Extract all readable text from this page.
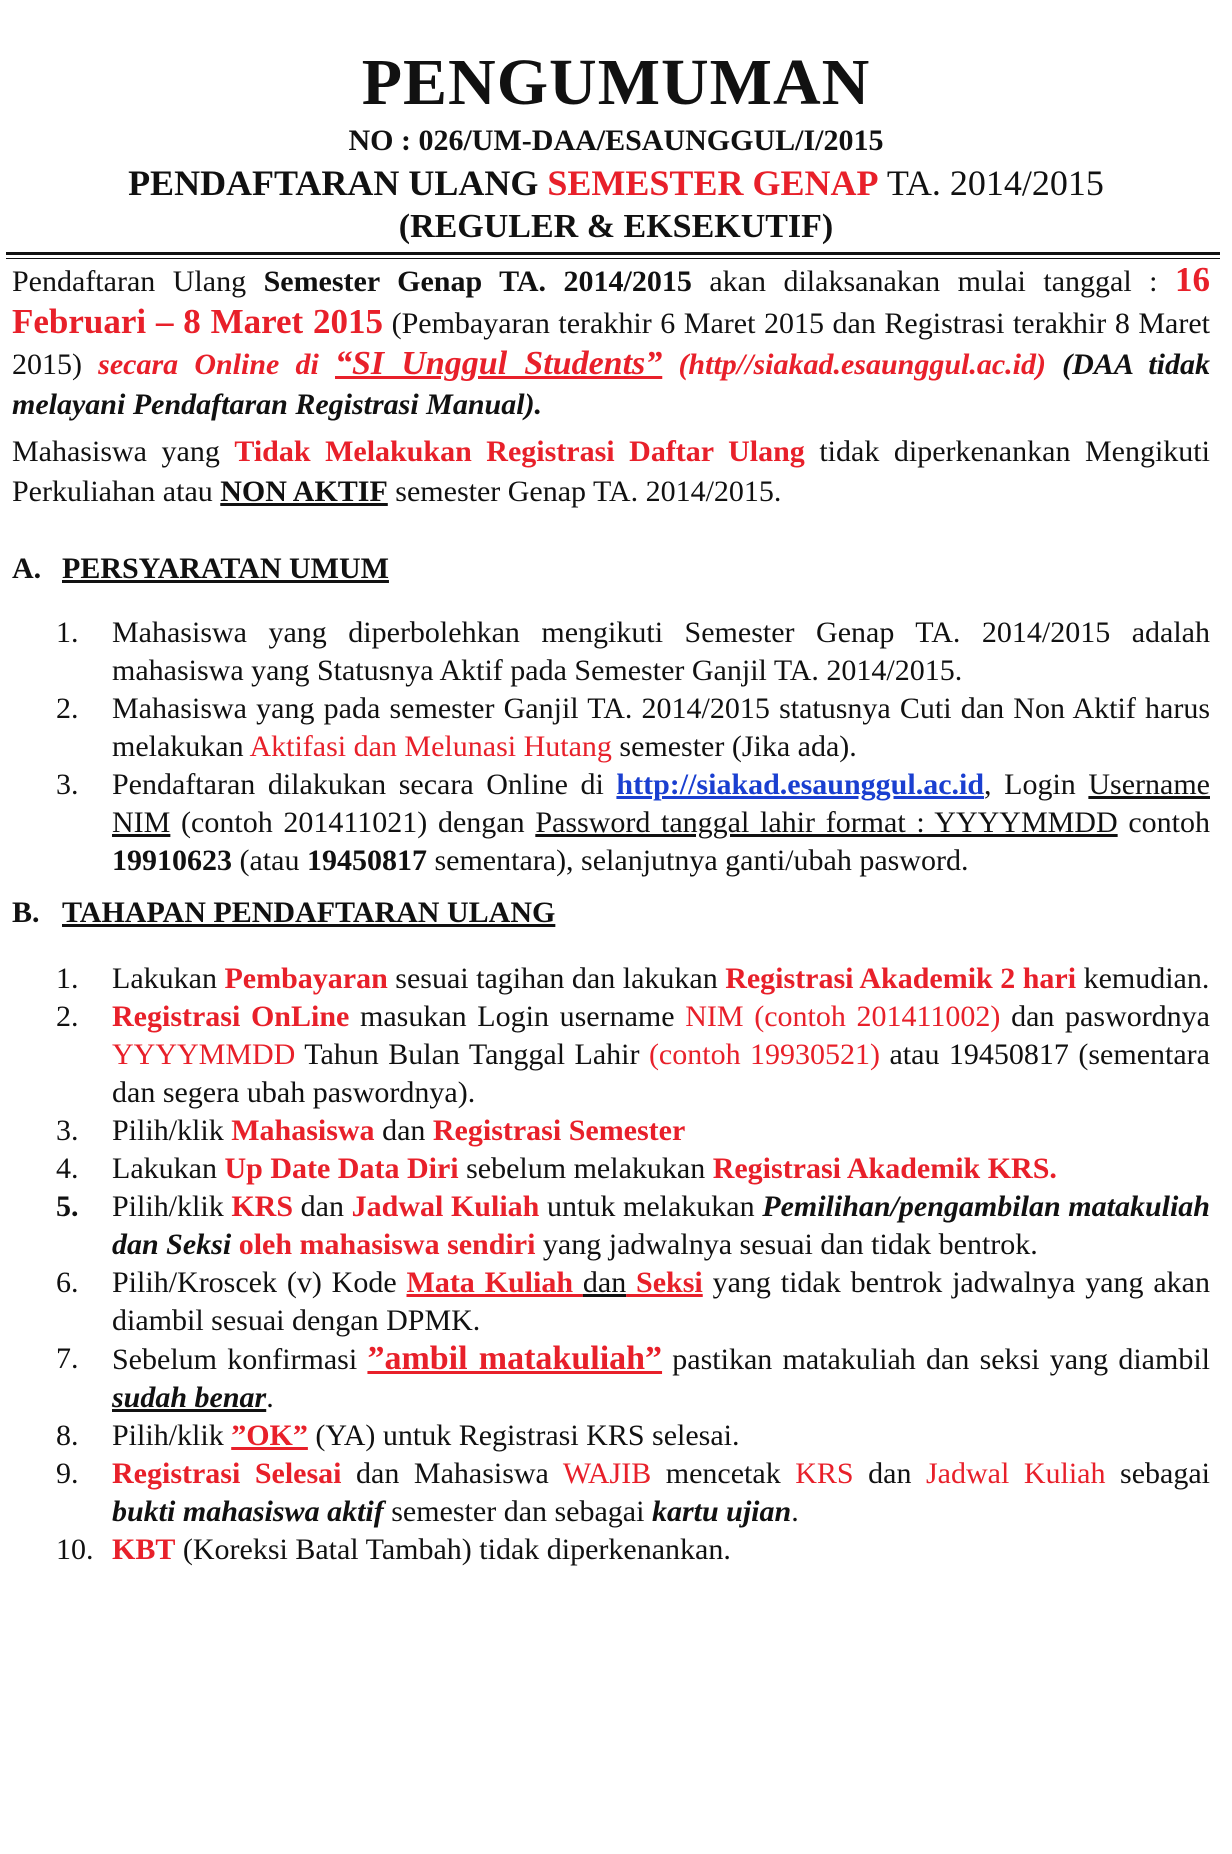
PENGUMUMAN
NO : 026/UM-DAA/ESAUNGGUL/I/2015
PENDAFTARAN ULANG SEMESTER GENAP TA. 2014/2015
(REGULER & EKSEKUTIF)
Pendaftaran Ulang Semester Genap TA. 2014/2015 akan dilaksanakan mulai tanggal : 16 Februari – 8 Maret 2015 (Pembayaran terakhir 6 Maret 2015 dan Registrasi terakhir 8 Maret 2015) secara Online di “SI Unggul Students” (http//siakad.esaunggul.ac.id) (DAA tidak melayani Pendaftaran Registrasi Manual).
Mahasiswa yang Tidak Melakukan Registrasi Daftar Ulang tidak diperkenankan Mengikuti Perkuliahan atau NON AKTIF semester Genap TA. 2014/2015.
A. PERSYARATAN UMUM
1. Mahasiswa yang diperbolehkan mengikuti Semester Genap TA. 2014/2015 adalah mahasiswa yang Statusnya Aktif pada Semester Ganjil TA. 2014/2015.
2. Mahasiswa yang pada semester Ganjil TA. 2014/2015 statusnya Cuti dan Non Aktif harus melakukan Aktifasi dan Melunasi Hutang semester (Jika ada).
3. Pendaftaran dilakukan secara Online di http://siakad.esaunggul.ac.id, Login Username NIM (contoh 201411021) dengan Password tanggal lahir format : YYYYMMDD contoh 19910623 (atau 19450817 sementara), selanjutnya ganti/ubah pasword.
B. TAHAPAN PENDAFTARAN ULANG
1. Lakukan Pembayaran sesuai tagihan dan lakukan Registrasi Akademik 2 hari kemudian.
2. Registrasi OnLine masukan Login username NIM (contoh 201411002) dan paswordnya YYYYMMDD Tahun Bulan Tanggal Lahir (contoh 19930521) atau 19450817 (sementara dan segera ubah paswordnya).
3. Pilih/klik Mahasiswa dan Registrasi Semester
4. Lakukan Up Date Data Diri sebelum melakukan Registrasi Akademik KRS.
5. Pilih/klik KRS dan Jadwal Kuliah untuk melakukan Pemilihan/pengambilan matakuliah dan Seksi oleh mahasiswa sendiri yang jadwalnya sesuai dan tidak bentrok.
6. Pilih/Kroscek (v) Kode Mata Kuliah dan Seksi yang tidak bentrok jadwalnya yang akan diambil sesuai dengan DPMK.
7. Sebelum konfirmasi ”ambil matakuliah” pastikan matakuliah dan seksi yang diambil sudah benar.
8. Pilih/klik ”OK” (YA) untuk Registrasi KRS selesai.
9. Registrasi Selesai dan Mahasiswa WAJIB mencetak KRS dan Jadwal Kuliah sebagai bukti mahasiswa aktif semester dan sebagai kartu ujian.
10. KBT (Koreksi Batal Tambah) tidak diperkenankan.
